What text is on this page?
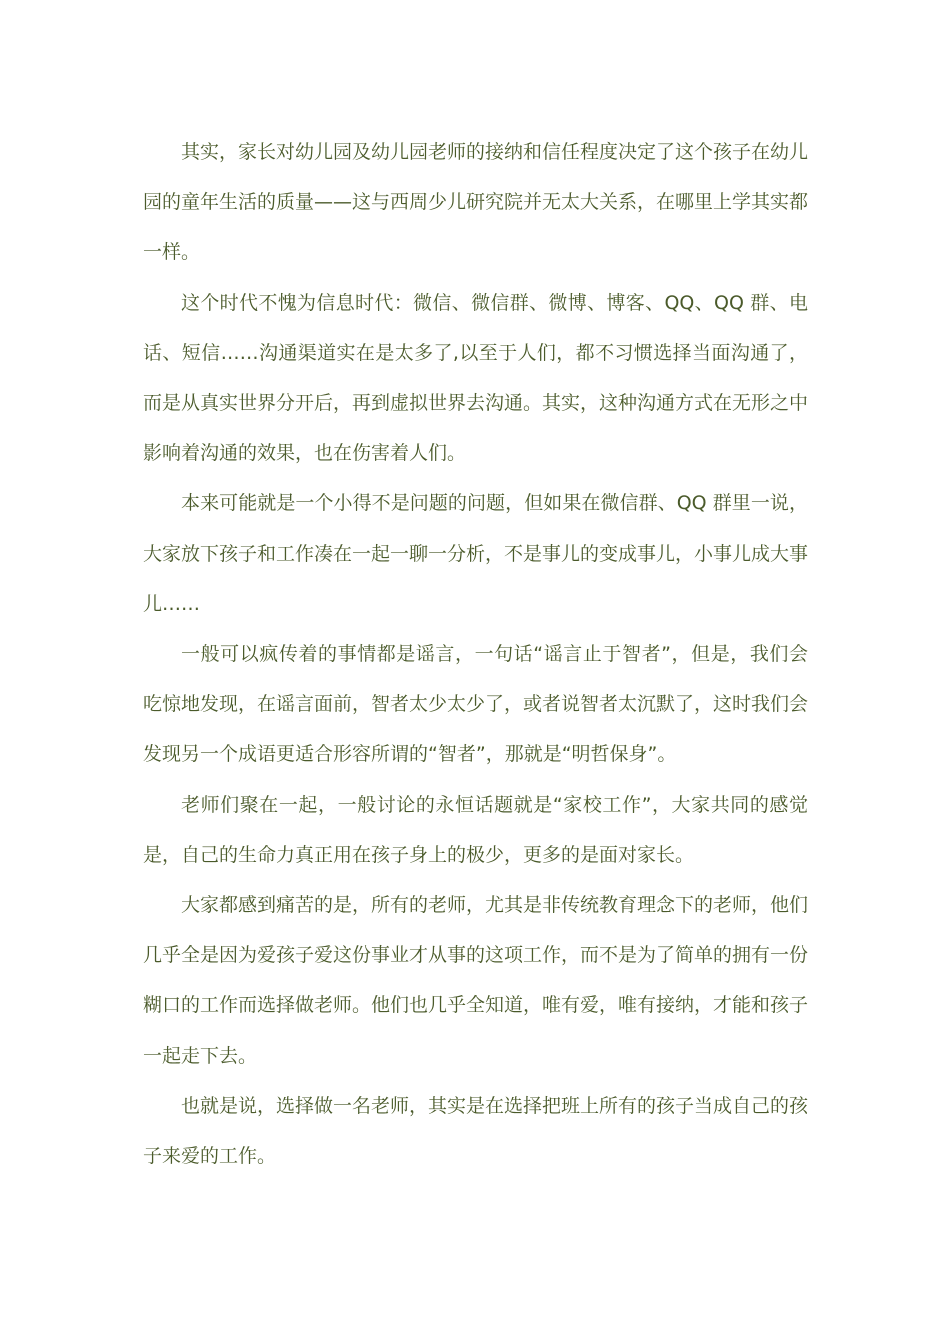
其实，家长对幼儿园及幼儿园老师的接纳和信任程度决定了这个孩子在幼儿园的童年生活的质量——这与西周少儿研究院并无太大关系，在哪里上学其实都一样。

这个时代不愧为信息时代：微信、微信群、微博、博客、QQ、QQ 群、电话、短信……沟通渠道实在是太多了,以至于人们，都不习惯选择当面沟通了，而是从真实世界分开后，再到虚拟世界去沟通。其实，这种沟通方式在无形之中影响着沟通的效果，也在伤害着人们。

本来可能就是一个小得不是问题的问题，但如果在微信群、QQ 群里一说，大家放下孩子和工作凑在一起一聊一分析，不是事儿的变成事儿，小事儿成大事儿……

一般可以疯传着的事情都是谣言，一句话“谣言止于智者”，但是，我们会吃惊地发现，在谣言面前，智者太少太少了，或者说智者太沉默了，这时我们会发现另一个成语更适合形容所谓的“智者”，那就是“明哲保身”。

老师们聚在一起，一般讨论的永恒话题就是“家校工作”，大家共同的感觉是，自己的生命力真正用在孩子身上的极少，更多的是面对家长。

大家都感到痛苦的是，所有的老师，尤其是非传统教育理念下的老师，他们几乎全是因为爱孩子爱这份事业才从事的这项工作，而不是为了简单的拥有一份糊口的工作而选择做老师。他们也几乎全知道，唯有爱，唯有接纳，才能和孩子一起走下去。

也就是说，选择做一名老师，其实是在选择把班上所有的孩子当成自己的孩子来爱的工作。
